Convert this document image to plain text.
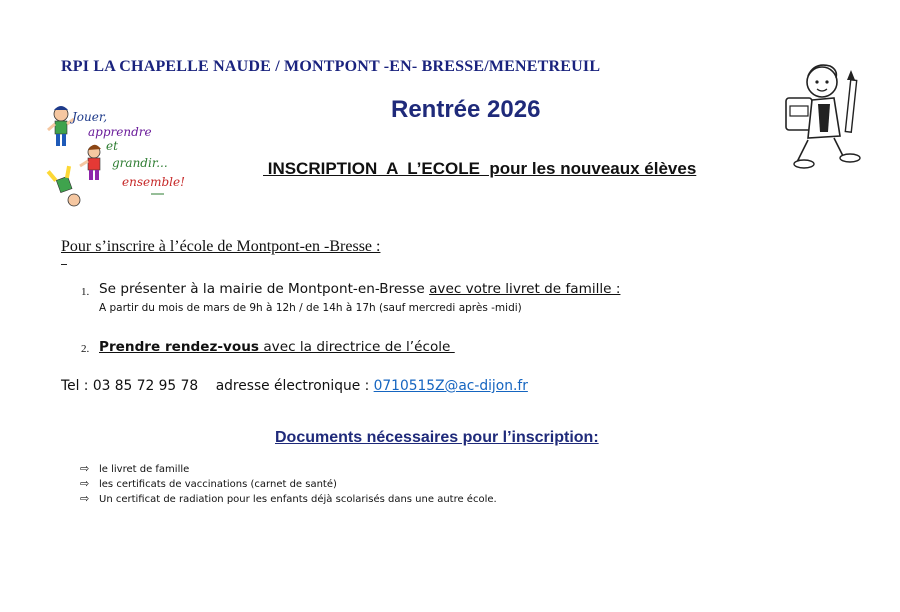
RPI LA CHAPELLE NAUDE / MONTPONT -EN- BRESSE/MENETREUIL
Rentrée 2026
INSCRIPTION  A  L’ECOLE  pour les nouveaux élèves
Jouer,
apprendre
et
grandir...
ensemble!
Pour s’inscrire à l’école de Montpont-en -Bresse :
1. Se présenter à la mairie de Montpont-en-Bresse avec votre livret de famille :
A partir du mois de mars de 9h à 12h / de 14h à 17h (sauf mercredi après -midi)
2. Prendre rendez-vous avec la directrice de l’école
Tel : 03 85 72 95 78    adresse électronique : 0710515Z@ac-dijon.fr
Documents nécessaires pour l’inscription:
⇨ le livret de famille
⇨ les certificats de vaccinations (carnet de santé)
⇨ Un certificat de radiation pour les enfants déjà scolarisés dans une autre école.
